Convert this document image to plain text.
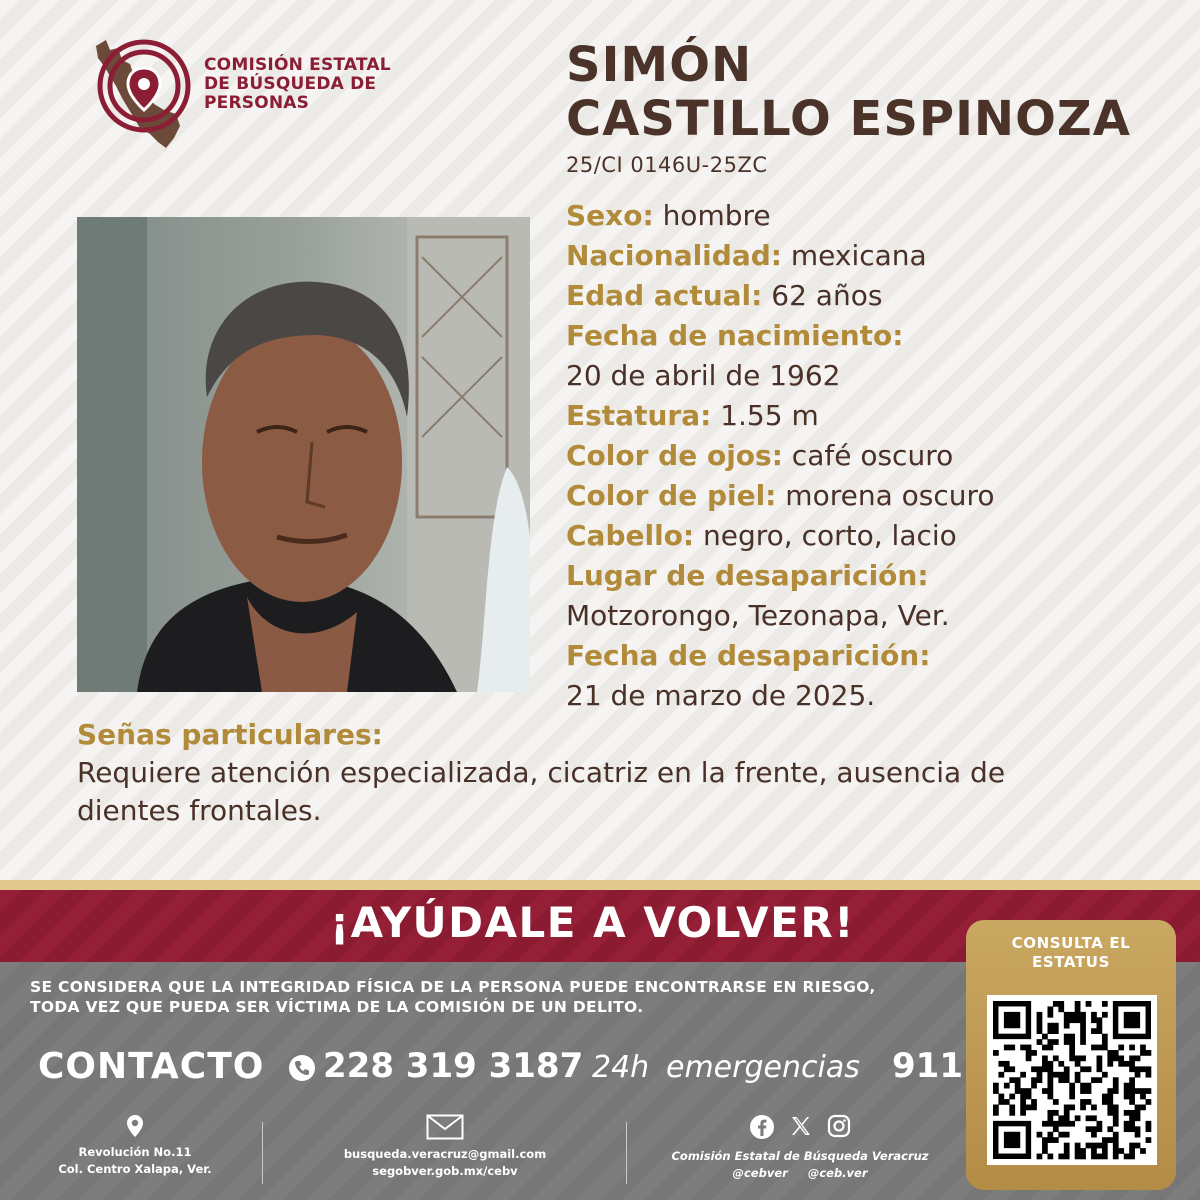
COMISIÓN ESTATAL
DE BÚSQUEDA DE
PERSONAS
SIMÓN
CASTILLO ESPINOZA
25/CI 0146U-25ZC
Sexo: hombre
Nacionalidad: mexicana
Edad actual: 62 años
Fecha de nacimiento:
20 de abril de 1962
Estatura: 1.55 m
Color de ojos: café oscuro
Color de piel: morena oscuro
Cabello: negro, corto, lacio
Lugar de desaparición:
Motzorongo, Tezonapa, Ver.
Fecha de desaparición:
21 de marzo de 2025.
Señas particulares:
Requiere atención especializada, cicatriz en la frente, ausencia de
dientes frontales.
¡AYÚDALE A VOLVER!
SE CONSIDERA QUE LA INTEGRIDAD FÍSICA DE LA PERSONA PUEDE ENCONTRARSE EN RIESGO,
TODA VEZ QUE PUEDA SER VÍCTIMA DE LA COMISIÓN DE UN DELITO.
CONTACTO 228 319 3187 24h emergencias 911
Revolución No.11
Col. Centro Xalapa, Ver.
busqueda.veracruz@gmail.com
segobver.gob.mx/cebv
Comisión Estatal de Búsqueda Veracruz
@cebver @ceb.ver
CONSULTA EL
ESTATUS
